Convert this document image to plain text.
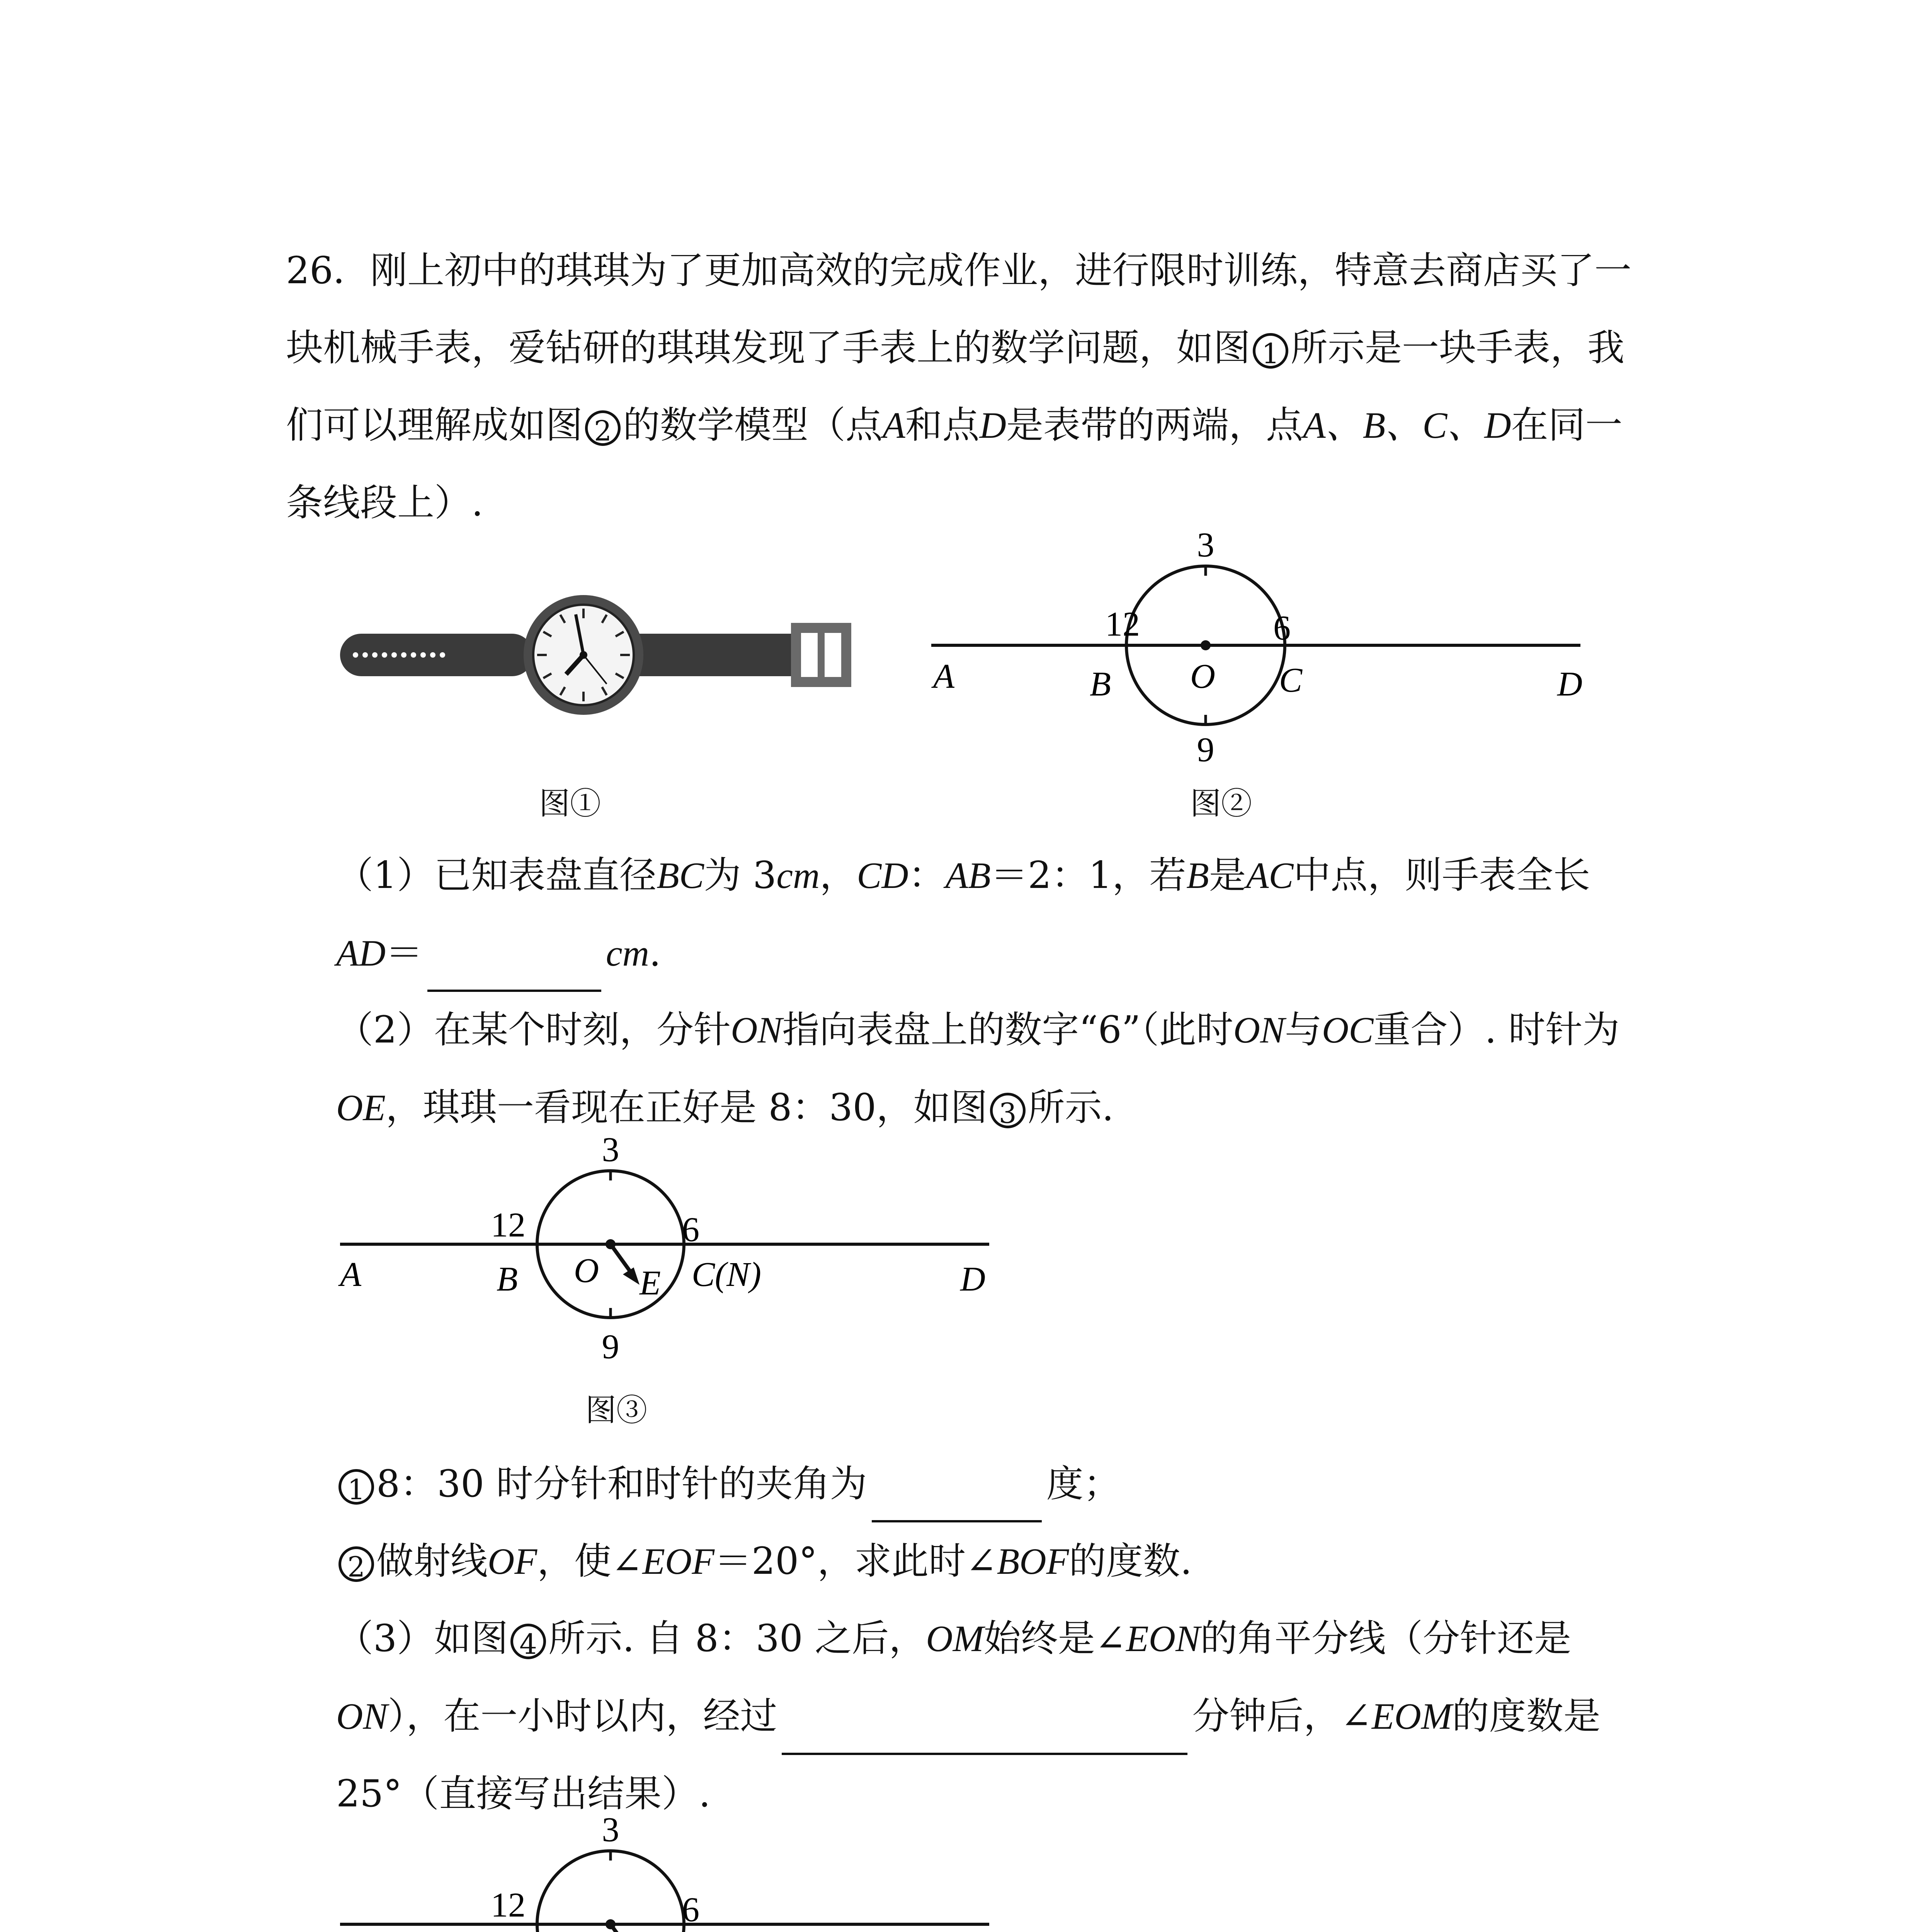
26．刚上初中的琪琪为了更加高效的完成作业，进行限时训练，特意去商店买了一块机械手表，爱钻研的琪琪发现了手表上的数学问题，如图 1 所示是一块手表，我们可以理解成如图 2 的数学模型（点A和点D是表带的两端，点A、B、C、D在同一条线段上）.

图①

3
12	6
9
A	B O C	D

图②

（1）已知表盘直径BC为 3cm，CD：AB＝2：1，若B是AC中点，则手表全长AD＝	cm.

（2）在某个时刻，分针ON指向表盘上的数字“6”（此时ON与OC重合）. 时针为OE，琪琪一看现在正好是 8：30，如图 3 所示.

3
12	6
9
A	B O E C(N)	D

图③

1 8：30 时分针和时针的夹角为	度；

2 做射线OF，使∠EOF＝20°，求此时∠BOF的度数.

（3）如图 4 所示. 自 8：30 之后，OM始终是∠EON的角平分线（分针还是ON），在一小时以内，经过	分钟后，∠EOM的度数是 25°（直接写出结果）.

3
12	6
